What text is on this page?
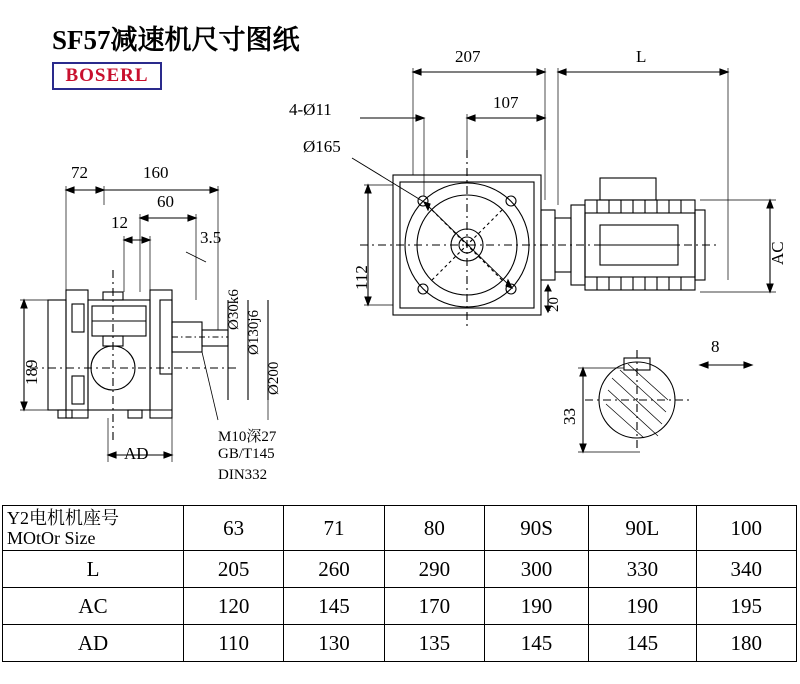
SF57减速机尺寸图纸
BOSERL
207	L
4-Ø11	107
Ø165
112
20
AC
8
33
72	160
60
12
3.5
189
AD
Ø30k6
Ø130j6
Ø200
M10深27
GB/T145
DIN332
Y2电机机座号
MOtOr Size	63	71	80	90S	90L	100
L	205	260	290	300	330	340
AC	120	145	170	190	190	195
AD	110	130	135	145	145	180
